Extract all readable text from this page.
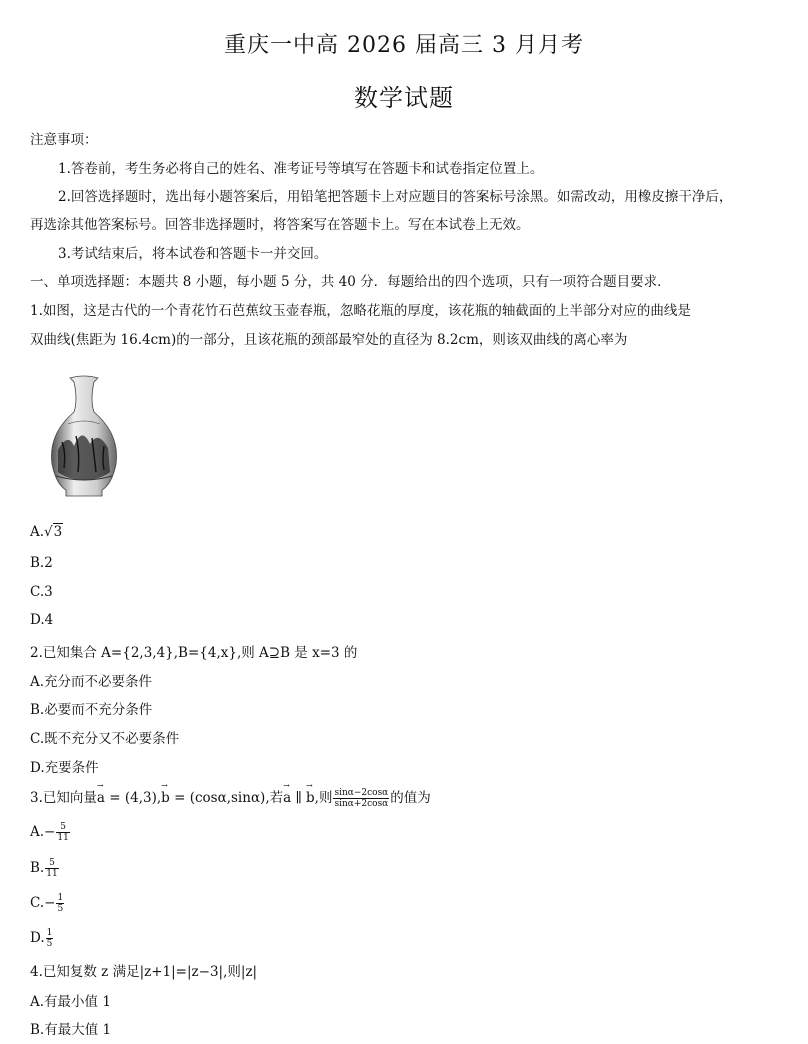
重庆一中高 2026 届高三 3 月月考
数学试题
注意事项：
1.答卷前，考生务必将自己的姓名、准考证号等填写在答题卡和试卷指定位置上。
2.回答选择题时，选出每小题答案后，用铅笔把答题卡上对应题目的答案标号涂黑。如需改动，用橡皮擦干净后，
再选涂其他答案标号。回答非选择题时，将答案写在答题卡上。写在本试卷上无效。
3.考试结束后，将本试卷和答题卡一并交回。
一、单项选择题：本题共 8 小题，每小题 5 分，共 40 分．每题给出的四个选项，只有一项符合题目要求．
1.如图，这是古代的一个青花竹石芭蕉纹玉壶春瓶，忽略花瓶的厚度，该花瓶的轴截面的上半部分对应的曲线是
双曲线(焦距为 16.4cm)的一部分，且该花瓶的颈部最窄处的直径为 8.2cm，则该双曲线的离心率为
A.√3
B.2
C.3
D.4
2.已知集合 A={2,3,4},B={4,x},则 A⊇B 是 x=3 的
A.充分而不必要条件
B.必要而不充分条件
C.既不充分又不必要条件
D.充要条件
3.已知向量→ a = (4,3),→ b = (cosα,sinα),若→ a ∥ → b,则 $\frac{\sin\alpha-2\cos\alpha}{\sin\alpha+2\cos\alpha}$ 的值为
$A.- \frac{5}{11}$
B. $\frac{5}{11}$
$C.- \frac{1}{5}$
D. $\frac{1}{5}$
4.已知复数 z 满足|z+1|=|z−3|,则|z|
A.有最小值 1
B.有最大值 1
